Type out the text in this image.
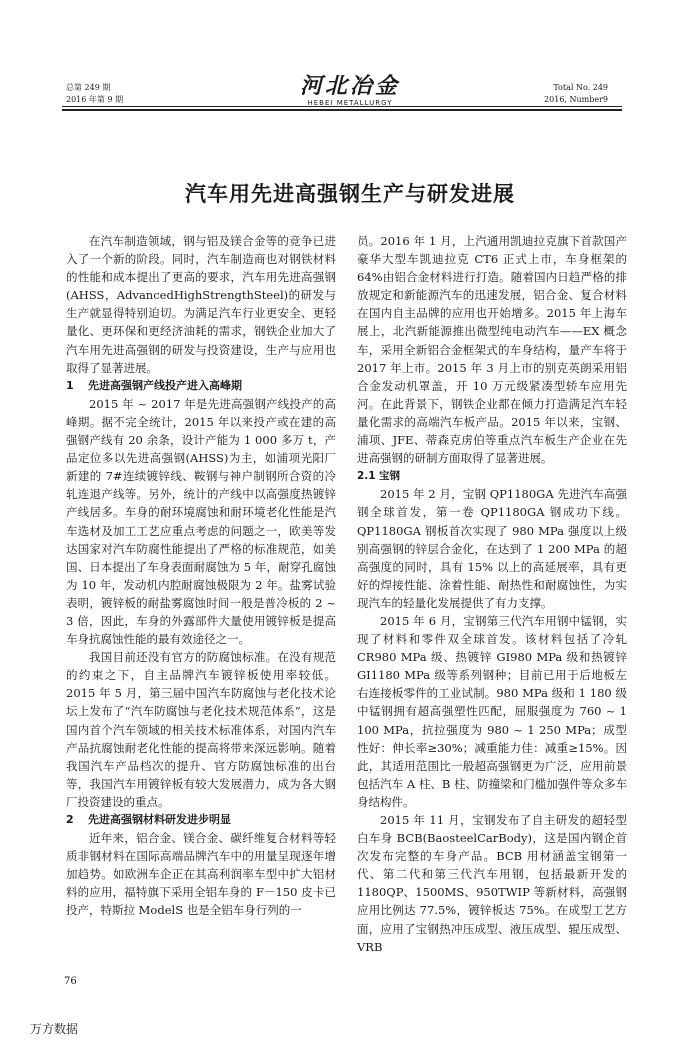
总第 249 期
2016 年第 9 期
河北冶金
HEBEI METALLURGY
Total No. 249
2016, Number9
汽车用先进高强钢生产与研发进展

在汽车制造领域，钢与铝及镁合金等的竞争已进入了一个新的阶段。同时，汽车制造商也对钢铁材料的性能和成本提出了更高的要求，汽车用先进高强钢(AHSS，AdvancedHighStrengthSteel)的研发与生产就显得特别迫切。为满足汽车行业更安全、更轻量化、更环保和更经济油耗的需求，钢铁企业加大了汽车用先进高强钢的研发与投资建设，生产与应用也取得了显著进展。

1 先进高强钢产线投产进入高峰期

2015 年 ~ 2017 年是先进高强钢产线投产的高峰期。据不完全统计，2015 年以来投产或在建的高强钢产线有 20 余条，设计产能为 1 000 多万 t，产品定位多以先进高强钢(AHSS)为主，如浦项光阳厂新建的 7#连续镀锌线、鞍钢与神户制钢所合资的冷轧连退产线等。另外，统计的产线中以高强度热镀锌产线居多。车身的耐环境腐蚀和耐环境老化性能是汽车选材及加工工艺应重点考虑的问题之一，欧美等发达国家对汽车防腐性能提出了严格的标准规范，如美国、日本提出了车身表面耐腐蚀为 5 年，耐穿孔腐蚀为 10 年，发动机内腔耐腐蚀极限为 2 年。盐雾试验表明，镀锌板的耐盐雾腐蚀时间一般是普冷板的 2 ~ 3 倍，因此，车身的外露部件大量使用镀锌板是提高车身抗腐蚀性能的最有效途径之一。

我国目前还没有官方的防腐蚀标准。在没有规范的约束之下，自主品牌汽车镀锌板使用率较低。2015 年 5 月，第三届中国汽车防腐蚀与老化技术论坛上发布了“汽车防腐蚀与老化技术规范体系”，这是国内首个汽车领域的相关技术标准体系，对国内汽车产品抗腐蚀耐老化性能的提高将带来深远影响。随着我国汽车产品档次的提升、官方防腐蚀标准的出台等，我国汽车用镀锌板有较大发展潜力，成为各大钢厂投资建设的重点。

2 先进高强钢材料研发进步明显

近年来，铝合金、镁合金、碳纤维复合材料等轻质非钢材料在国际高端品牌汽车中的用量呈现逐年增加趋势。如欧洲车企正在其高利润率车型中扩大铝材料的应用，福特旗下采用全铝车身的 F－150 皮卡已投产，特斯拉 ModelS 也是全铝车身行列的一

员。2016 年 1 月，上汽通用凯迪拉克旗下首款国产豪华大型车凯迪拉克 CT6 正式上市，车身框架的 64%由铝合金材料进行打造。随着国内日趋严格的排放规定和新能源汽车的迅速发展，铝合金、复合材料在国内自主品牌的应用也开始增多。2015 年上海车展上，北汽新能源推出微型纯电动汽车——EX 概念车，采用全新铝合金框架式的车身结构，量产车将于 2017 年上市。2015 年 3 月上市的别克英朗采用铝合金发动机罩盖，开 10 万元级紧凑型轿车应用先河。在此背景下，钢铁企业都在倾力打造满足汽车轻量化需求的高端汽车板产品。2015 年以来，宝钢、浦项、JFE、蒂森克虏伯等重点汽车板生产企业在先进高强钢的研制方面取得了显著进展。

2.1 宝钢

2015 年 2 月，宝钢 QP1180GA 先进汽车高强钢全球首发，第一卷 QP1180GA 钢成功下线。QP1180GA 钢板首次实现了 980 MPa 强度以上级别高强钢的锌层合金化，在达到了 1 200 MPa 的超高强度的同时，具有 15% 以上的高延展率，具有更好的焊接性能、涂着性能、耐热性和耐腐蚀性，为实现汽车的轻量化发展提供了有力支撑。

2015 年 6 月，宝钢第三代汽车用钢中锰钢，实现了材料和零件双全球首发。该材料包括了冷轧 CR980 MPa 级、热镀锌 GI980 MPa 级和热镀锌 GI1180 MPa 级等系列钢种；目前已用于后地板左右连接板零件的工业试制。980 MPa 级和 1 180 级中锰钢拥有超高强塑性匹配，屈服强度为 760 ~ 1 100 MPa，抗拉强度为 980 ~ 1 250 MPa；成型性好：伸长率≥30%；减重能力佳：减重≥15%。因此，其适用范围比一般超高强钢更为广泛，应用前景包括汽车 A 柱、B 柱、防撞梁和门槛加强件等众多车身结构件。

2015 年 11 月，宝钢发布了自主研发的超轻型白车身 BCB(BaosteelCarBody)，这是国内钢企首次发布完整的车身产品。BCB 用材涵盖宝钢第一代、第二代和第三代汽车用钢，包括最新开发的 1180QP、1500MS、950TWIP 等新材料，高强钢应用比例达 77.5%，镀锌板达 75%。在成型工艺方面，应用了宝钢热冲压成型、液压成型、辊压成型、VRB

76
万方数据
